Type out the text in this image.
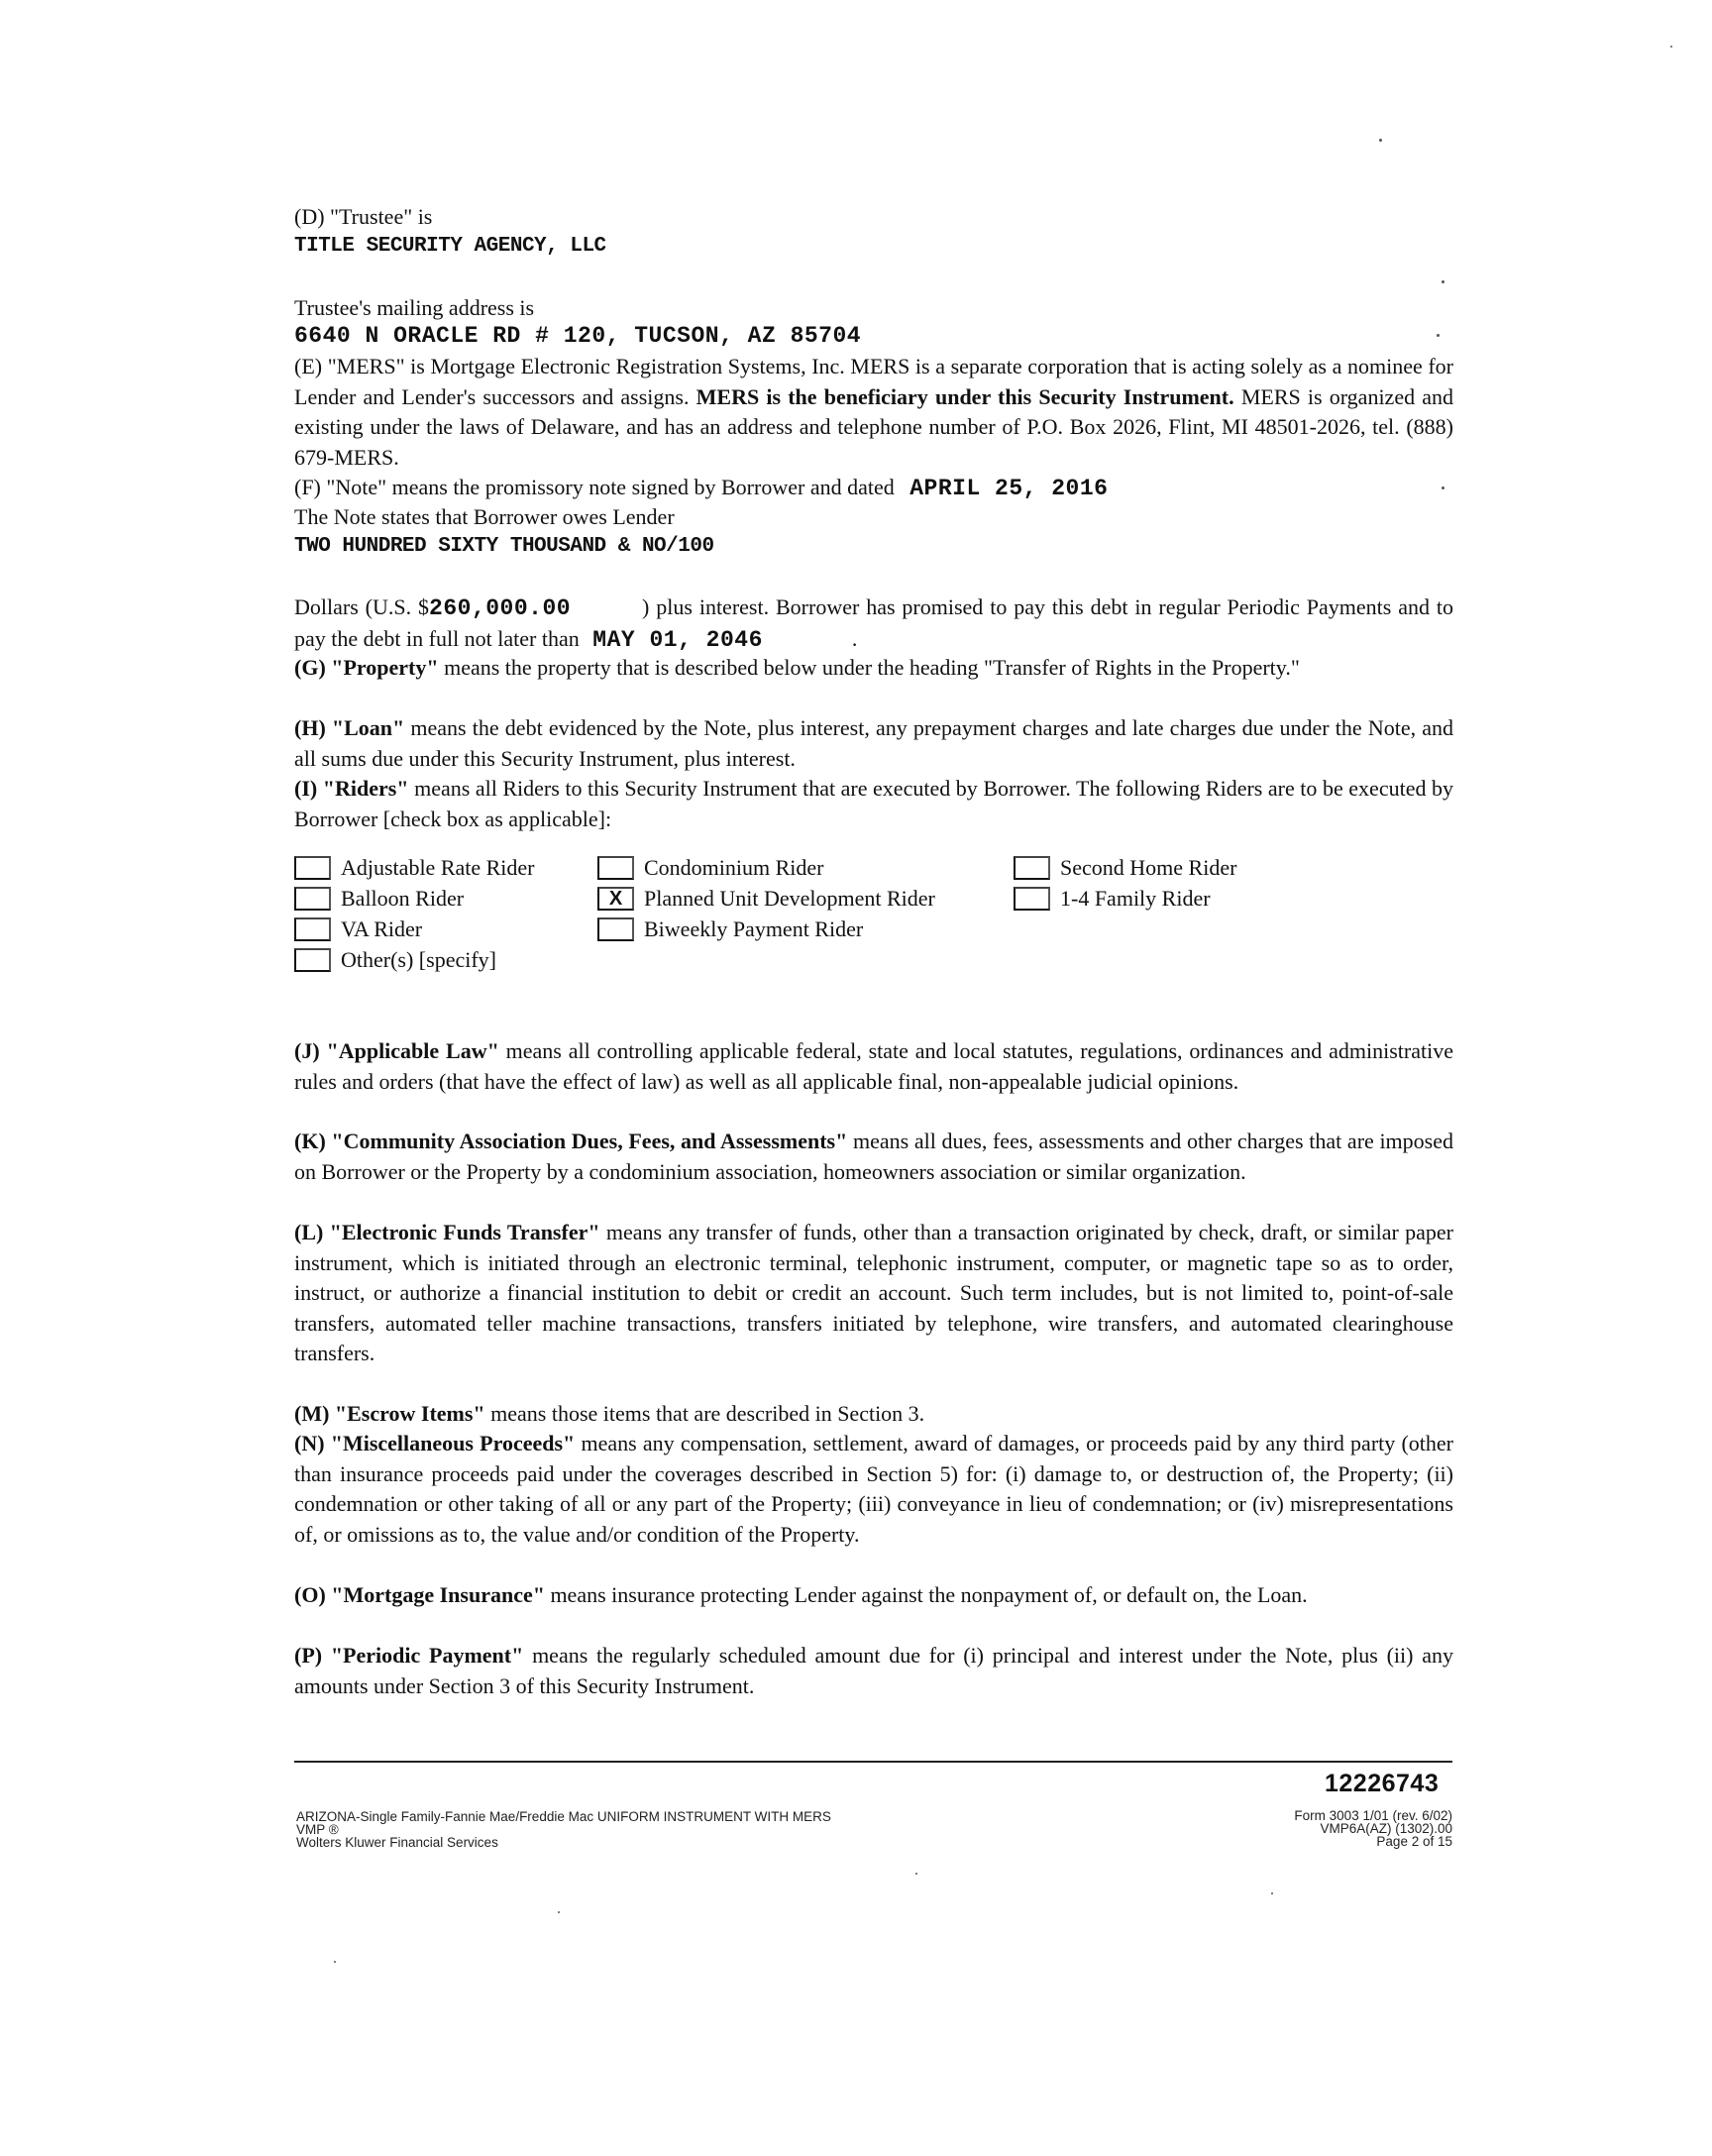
(D) "Trustee" is
TITLE SECURITY AGENCY, LLC
Trustee's mailing address is
6640 N ORACLE RD # 120, TUCSON, AZ 85704
(E) "MERS" is Mortgage Electronic Registration Systems, Inc. MERS is a separate corporation that is acting solely as a nominee for Lender and Lender's successors and assigns. MERS is the beneficiary under this Security Instrument. MERS is organized and existing under the laws of Delaware, and has an address and telephone number of P.O. Box 2026, Flint, MI 48501-2026, tel. (888) 679-MERS.
(F) "Note" means the promissory note signed by Borrower and dated APRIL 25, 2016
The Note states that Borrower owes Lender
TWO HUNDRED SIXTY THOUSAND & NO/100
Dollars (U.S. $260,000.00	) plus interest. Borrower has promised to pay this debt in regular Periodic Payments and to pay the debt in full not later than MAY 01, 2046	.
(G) "Property" means the property that is described below under the heading "Transfer of Rights in the Property."
(H) "Loan" means the debt evidenced by the Note, plus interest, any prepayment charges and late charges due under the Note, and all sums due under this Security Instrument, plus interest.
(I) "Riders" means all Riders to this Security Instrument that are executed by Borrower. The following Riders are to be executed by Borrower [check box as applicable]:
Adjustable Rate Rider
Balloon Rider
VA Rider
Other(s) [specify]
Condominium Rider
X Planned Unit Development Rider
Biweekly Payment Rider
Second Home Rider
1-4 Family Rider
(J) "Applicable Law" means all controlling applicable federal, state and local statutes, regulations, ordinances and administrative rules and orders (that have the effect of law) as well as all applicable final, non-appealable judicial opinions.
(K) "Community Association Dues, Fees, and Assessments" means all dues, fees, assessments and other charges that are imposed on Borrower or the Property by a condominium association, homeowners association or similar organization.
(L) "Electronic Funds Transfer" means any transfer of funds, other than a transaction originated by check, draft, or similar paper instrument, which is initiated through an electronic terminal, telephonic instrument, computer, or magnetic tape so as to order, instruct, or authorize a financial institution to debit or credit an account. Such term includes, but is not limited to, point-of-sale transfers, automated teller machine transactions, transfers initiated by telephone, wire transfers, and automated clearinghouse transfers.
(M) "Escrow Items" means those items that are described in Section 3.
(N) "Miscellaneous Proceeds" means any compensation, settlement, award of damages, or proceeds paid by any third party (other than insurance proceeds paid under the coverages described in Section 5) for: (i) damage to, or destruction of, the Property; (ii) condemnation or other taking of all or any part of the Property; (iii) conveyance in lieu of condemnation; or (iv) misrepresentations of, or omissions as to, the value and/or condition of the Property.
(O) "Mortgage Insurance" means insurance protecting Lender against the nonpayment of, or default on, the Loan.
(P) "Periodic Payment" means the regularly scheduled amount due for (i) principal and interest under the Note, plus (ii) any amounts under Section 3 of this Security Instrument.
12226743
ARIZONA-Single Family-Fannie Mae/Freddie Mac UNIFORM INSTRUMENT WITH MERS
VMP ®
Wolters Kluwer Financial Services
Form 3003 1/01 (rev. 6/02)
VMP6A(AZ) (1302).00
Page 2 of 15
